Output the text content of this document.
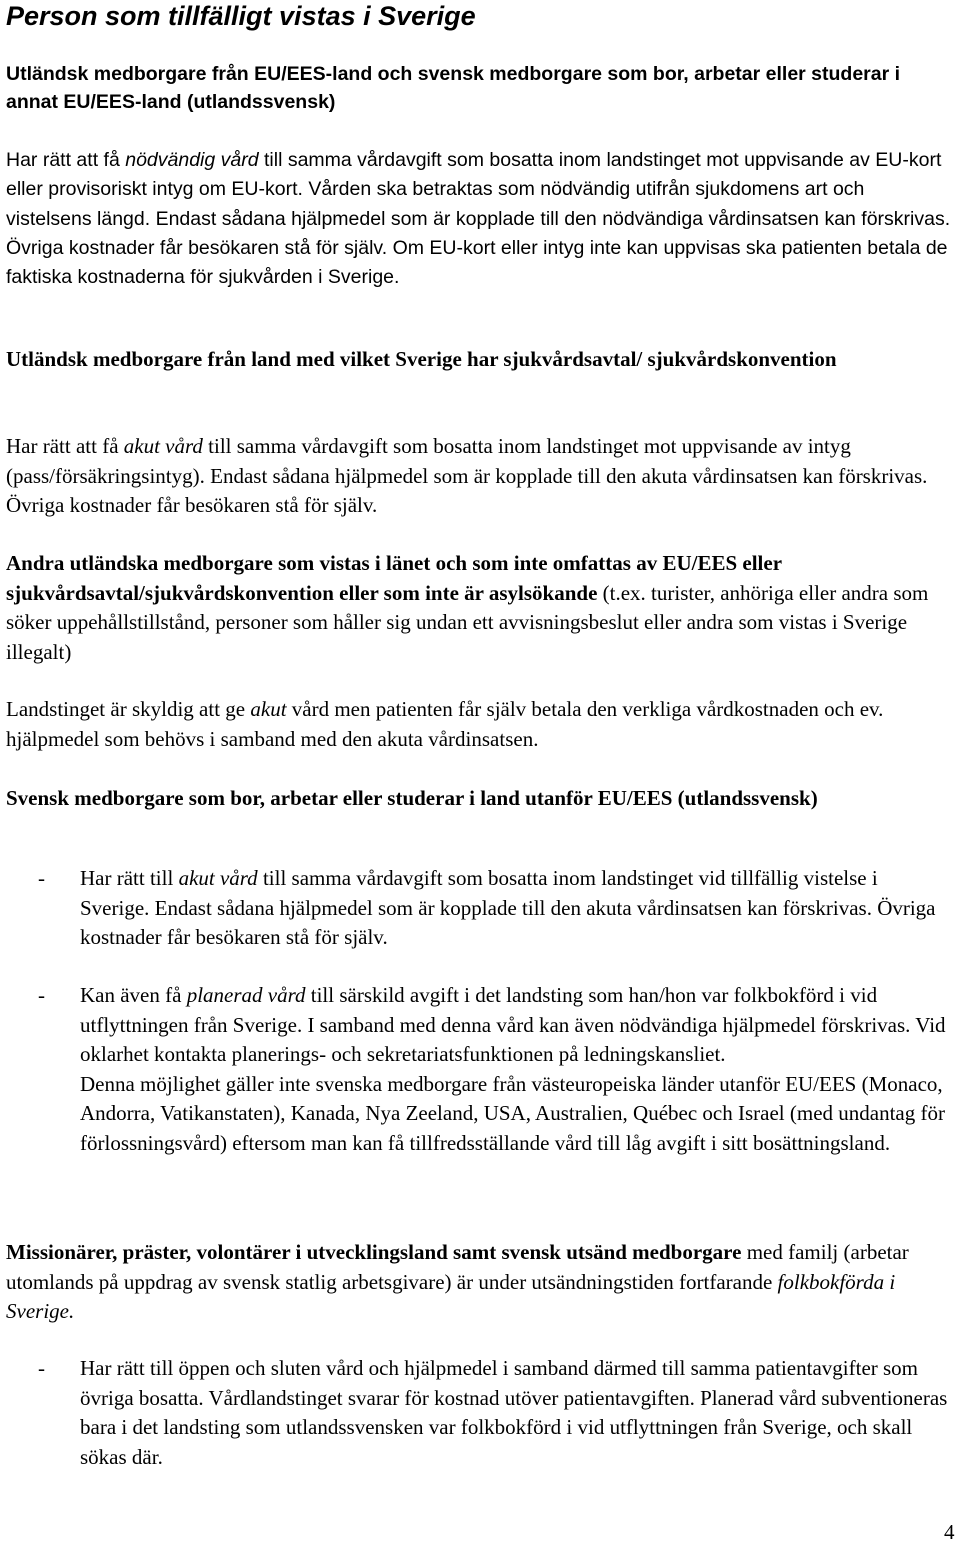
Person som tillfälligt vistas i Sverige

Utländsk medborgare från EU/EES-land och svensk medborgare som bor, arbetar eller studerar i annat EU/EES-land (utlandssvensk)

Har rätt att få nödvändig vård till samma vårdavgift som bosatta inom landstinget mot uppvisande av EU-kort eller provisoriskt intyg om EU-kort. Vården ska betraktas som nödvändig utifrån sjukdomens art och vistelsens längd. Endast sådana hjälpmedel som är kopplade till den nödvändiga vårdinsatsen kan förskrivas. Övriga kostnader får besökaren stå för själv. Om EU-kort eller intyg inte kan uppvisas ska patienten betala de faktiska kostnaderna för sjukvården i Sverige.

Utländsk medborgare från land med vilket Sverige har sjukvårdsavtal/ sjukvårdskonvention

Har rätt att få akut vård till samma vårdavgift som bosatta inom landstinget mot uppvisande av intyg (pass/försäkringsintyg). Endast sådana hjälpmedel som är kopplade till den akuta vårdinsatsen kan förskrivas. Övriga kostnader får besökaren stå för själv.

Andra utländska medborgare som vistas i länet och som inte omfattas av EU/EES eller sjukvårdsavtal/sjukvårdskonvention eller som inte är asylsökande (t.ex. turister, anhöriga eller andra som söker uppehållstillstånd, personer som håller sig undan ett avvisningsbeslut eller andra som vistas i Sverige illegalt)

Landstinget är skyldig att ge akut vård men patienten får själv betala den verkliga vårdkostnaden och ev. hjälpmedel som behövs i samband med den akuta vårdinsatsen.

Svensk medborgare som bor, arbetar eller studerar i land utanför EU/EES (utlandssvensk)

- Har rätt till akut vård till samma vårdavgift som bosatta inom landstinget vid tillfällig vistelse i Sverige. Endast sådana hjälpmedel som är kopplade till den akuta vårdinsatsen kan förskrivas. Övriga kostnader får besökaren stå för själv.
- Kan även få planerad vård till särskild avgift i det landsting som han/hon var folkbokförd i vid utflyttningen från Sverige. I samband med denna vård kan även nödvändiga hjälpmedel förskrivas. Vid oklarhet kontakta planerings- och sekretariatsfunktionen på ledningskansliet.
Denna möjlighet gäller inte svenska medborgare från västeuropeiska länder utanför EU/EES (Monaco, Andorra, Vatikanstaten), Kanada, Nya Zeeland, USA, Australien, Québec och Israel (med undantag för förlossningsvård) eftersom man kan få tillfredsställande vård till låg avgift i sitt bosättningsland.

Missionärer, präster, volontärer i utvecklingsland samt svensk utsänd medborgare med familj (arbetar utomlands på uppdrag av svensk statlig arbetsgivare) är under utsändningstiden fortfarande folkbokförda i Sverige.

- Har rätt till öppen och sluten vård och hjälpmedel i samband därmed till samma patientavgifter som övriga bosatta. Vårdlandstinget svarar för kostnad utöver patientavgiften. Planerad vård subventioneras bara i det landsting som utlandssvensken var folkbokförd i vid utflyttningen från Sverige, och skall sökas där.
4
